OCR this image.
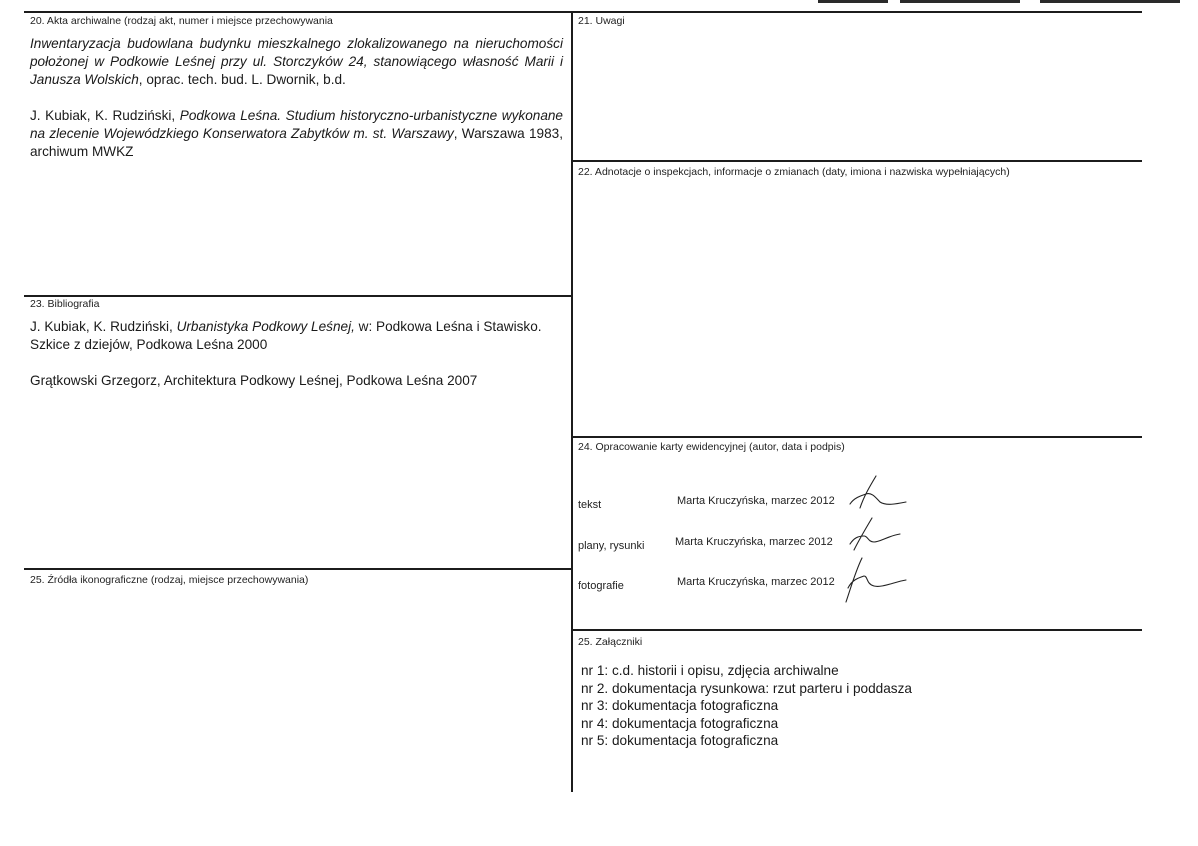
20. Akta archiwalne (rodzaj akt, numer i miejsce przechowywania

Inwentaryzacja budowlana budynku mieszkalnego zlokalizowanego na nieruchomości położonej w Podkowie Leśnej przy ul. Storczyków 24, stanowiącego własność Marii i Janusza Wolskich, oprac. tech. bud. L. Dwornik, b.d.

J. Kubiak, K. Rudziński, Podkowa Leśna. Studium historyczno-urbanistyczne wykonane na zlecenie Wojewódzkiego Konserwatora Zabytków m. st. Warszawy, Warszawa 1983, archiwum MWKZ

21. Uwagi
22. Adnotacje o inspekcjach, informacje o zmianach (daty, imiona i nazwiska wypełniających)
23. Bibliografia

J. Kubiak, K. Rudziński, Urbanistyka Podkowy Leśnej, w: Podkowa Leśna i Stawisko. Szkice z dziejów, Podkowa Leśna 2000

Grątkowski Grzegorz, Architektura Podkowy Leśnej, Podkowa Leśna 2007

24. Opracowanie karty ewidencyjnej (autor, data i podpis)
tekst	Marta Kruczyńska, marzec 2012
plany, rysunki	Marta Kruczyńska, marzec 2012
fotografie	Marta Kruczyńska, marzec 2012
25. Źródła ikonograficzne (rodzaj, miejsce przechowywania)
25. Załączniki
nr 1: c.d. historii i opisu, zdjęcia archiwalne
nr 2. dokumentacja rysunkowa: rzut parteru i poddasza
nr 3: dokumentacja fotograficzna
nr 4: dokumentacja fotograficzna
nr 5: dokumentacja fotograficzna
